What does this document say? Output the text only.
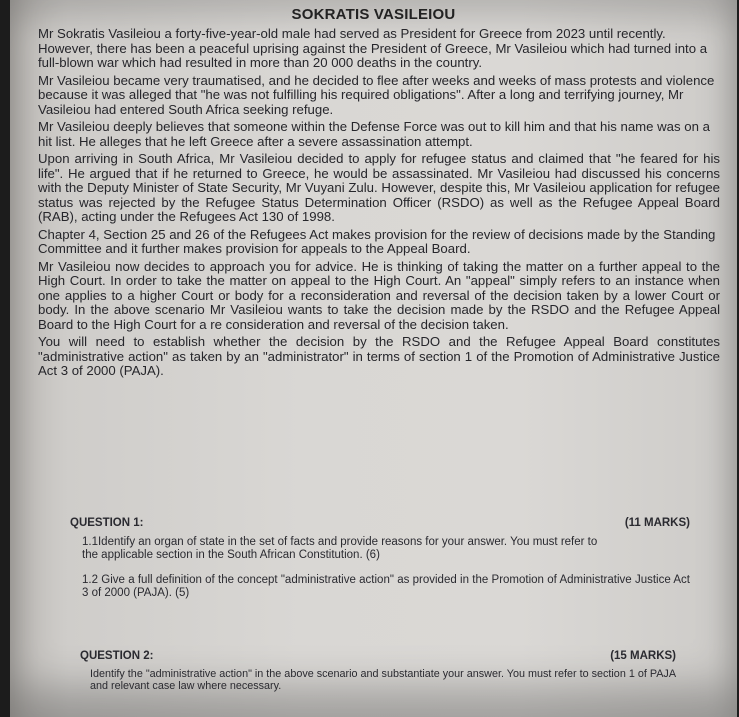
SOKRATIS VASILEIOU

Mr Sokratis Vasileiou a forty-five-year-old male had served as President for Greece from 2023 until recently. However, there has been a peaceful uprising against the President of Greece, Mr Vasileiou which had turned into a full-blown war which had resulted in more than 20 000 deaths in the country.

Mr Vasileiou became very traumatised, and he decided to flee after weeks and weeks of mass protests and violence because it was alleged that "he was not fulfilling his required obligations". After a long and terrifying journey, Mr Vasileiou had entered South Africa seeking refuge.

Mr Vasileiou deeply believes that someone within the Defense Force was out to kill him and that his name was on a hit list. He alleges that he left Greece after a severe assassination attempt.

Upon arriving in South Africa, Mr Vasileiou decided to apply for refugee status and claimed that "he feared for his life". He argued that if he returned to Greece, he would be assassinated. Mr Vasileiou had discussed his concerns with the Deputy Minister of State Security, Mr Vuyani Zulu. However, despite this, Mr Vasileiou application for refugee status was rejected by the Refugee Status Determination Officer (RSDO) as well as the Refugee Appeal Board (RAB), acting under the Refugees Act 130 of 1998.

Chapter 4, Section 25 and 26 of the Refugees Act makes provision for the review of decisions made by the Standing Committee and it further makes provision for appeals to the Appeal Board.

Mr Vasileiou now decides to approach you for advice. He is thinking of taking the matter on a further appeal to the High Court. In order to take the matter on appeal to the High Court. An "appeal" simply refers to an instance when one applies to a higher Court or body for a reconsideration and reversal of the decision taken by a lower Court or body. In the above scenario Mr Vasileiou wants to take the decision made by the RSDO and the Refugee Appeal Board to the High Court for a re consideration and reversal of the decision taken.

You will need to establish whether the decision by the RSDO and the Refugee Appeal Board constitutes "administrative action" as taken by an "administrator" in terms of section 1 of the Promotion of Administrative Justice Act 3 of 2000 (PAJA).

QUESTION 1:	(11 MARKS)

1.1Identify an organ of state in the set of facts and provide reasons for your answer. You must refer to the applicable section in the South African Constitution. (6)

1.2 Give a full definition of the concept "administrative action" as provided in the Promotion of Administrative Justice Act 3 of 2000 (PAJA). (5)

QUESTION 2:	(15 MARKS)

Identify the "administrative action" in the above scenario and substantiate your answer. You must refer to section 1 of PAJA and relevant case law where necessary.
